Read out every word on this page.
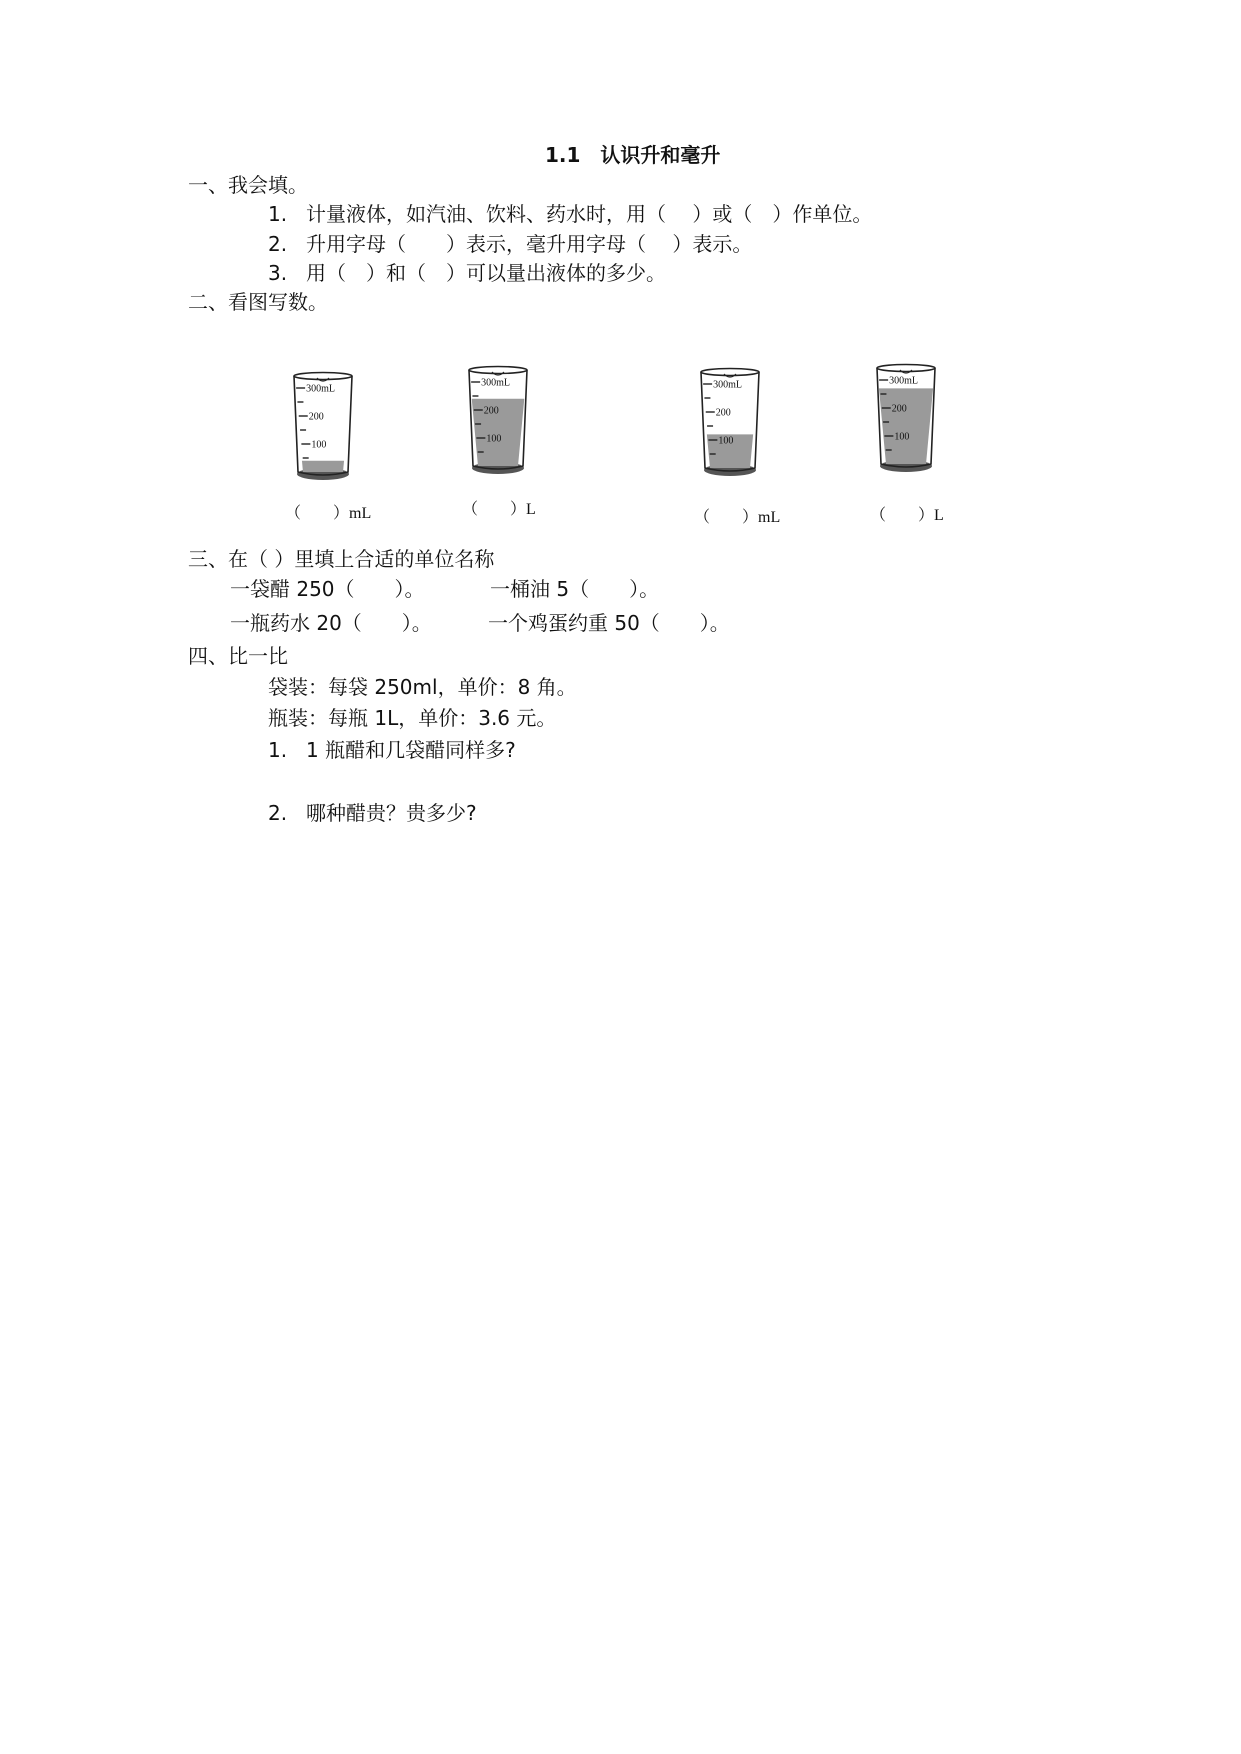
1.1　认识升和毫升
一、我会填。
1. 计量液体，如汽油、饮料、药水时，用（　 ）或（　）作单位。
2. 升用字母（　　）表示，毫升用字母（　 ）表示。
3. 用（　）和（　）可以量出液体的多少。
二、看图写数。
300mL
200
100
300mL
200
100
300mL
200
100
300mL
200
100
（　　）mL	（　　）L	（　　）mL	（　　）L
三、在（ ）里填上合适的单位名称
一袋醋 250（　　）。	一桶油 5（　　）。
一瓶药水 20（　　）。	一个鸡蛋约重 50（　　）。
四、比一比
袋装：每袋 250ml，单价：8 角。
瓶装：每瓶 1L，单价：3.6 元。
1. 1 瓶醋和几袋醋同样多?
2. 哪种醋贵？贵多少?
